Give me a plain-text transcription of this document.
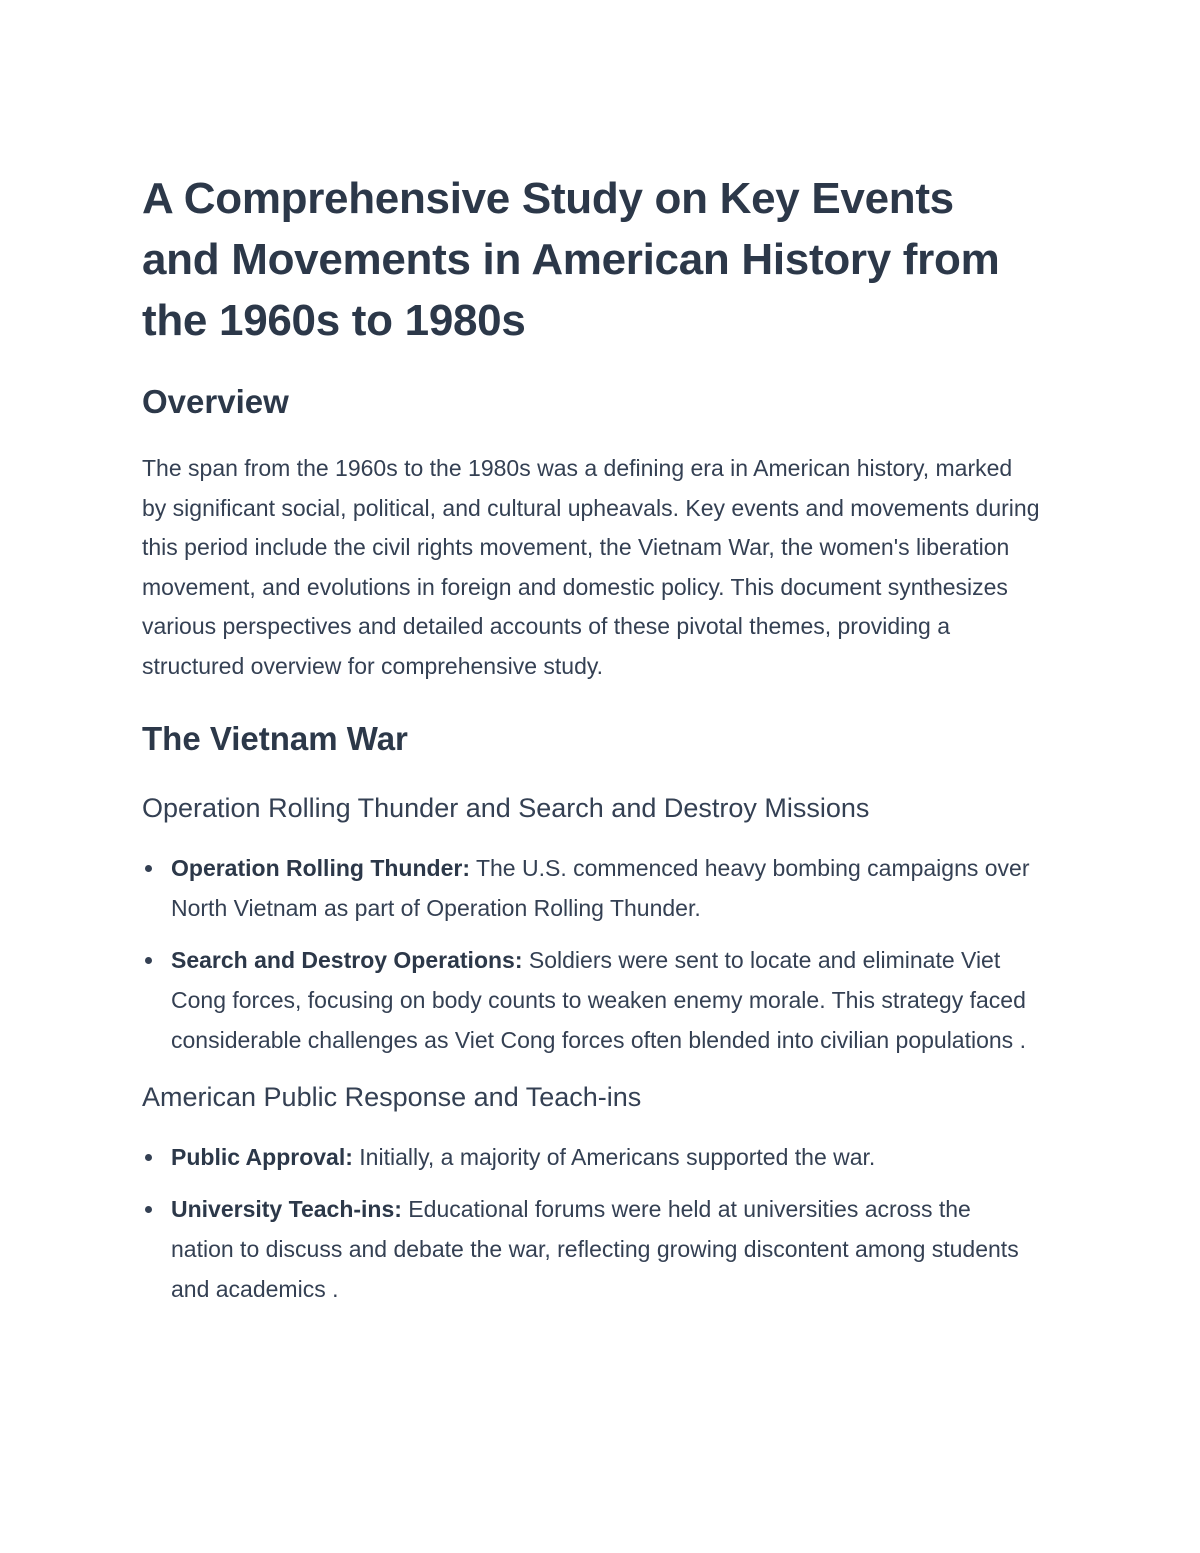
A Comprehensive Study on Key Events and Movements in American History from the 1960s to 1980s
Overview

The span from the 1960s to the 1980s was a defining era in American history, marked by significant social, political, and cultural upheavals. Key events and movements during this period include the civil rights movement, the Vietnam War, the women's liberation movement, and evolutions in foreign and domestic policy. This document synthesizes various perspectives and detailed accounts of these pivotal themes, providing a structured overview for comprehensive study.

The Vietnam War
Operation Rolling Thunder and Search and Destroy Missions
Operation Rolling Thunder: The U.S. commenced heavy bombing campaigns over North Vietnam as part of Operation Rolling Thunder.
Search and Destroy Operations: Soldiers were sent to locate and eliminate Viet Cong forces, focusing on body counts to weaken enemy morale. This strategy faced considerable challenges as Viet Cong forces often blended into civilian populations .
American Public Response and Teach-ins
Public Approval: Initially, a majority of Americans supported the war.
University Teach-ins: Educational forums were held at universities across the nation to discuss and debate the war, reflecting growing discontent among students and academics .
